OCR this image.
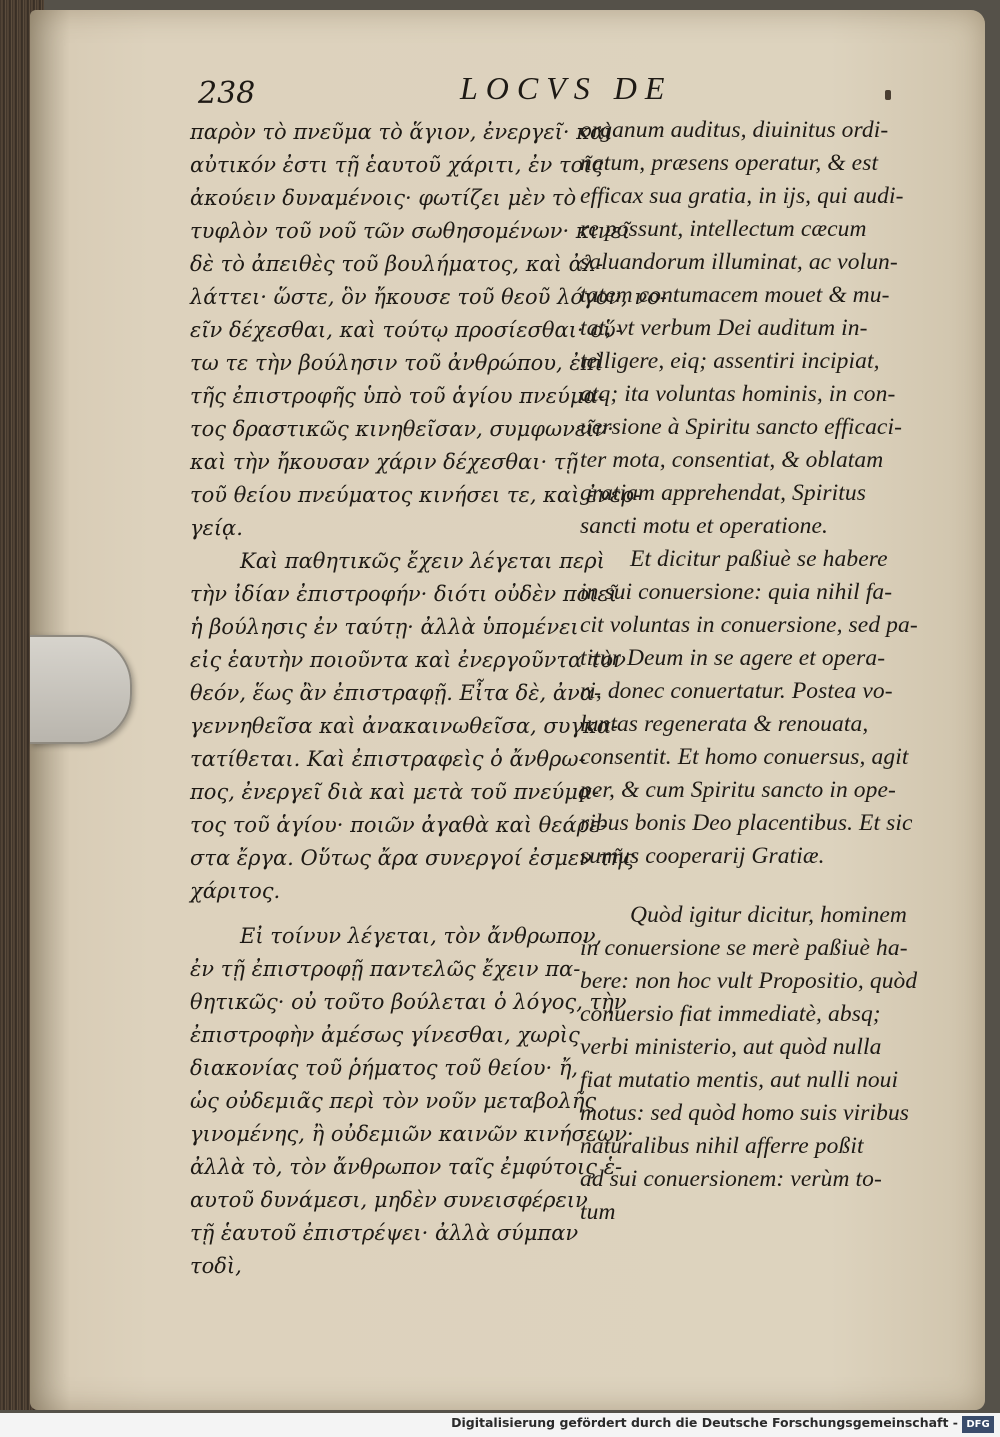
238	LOCVS DE
παρὸν τὸ πνεῦμα τὸ ἅγιον, ἐνεργεῖ· καὶ
αὐτικόν ἐστι τῇ ἑαυτοῦ χάριτι, ἐν τοῖς
ἀκούειν δυναμένοις· φωτίζει μὲν τὸ
τυφλὸν τοῦ νοῦ τῶν σωθησομένων· κινεῖ
δὲ τὸ ἀπειθὲς τοῦ βουλήματος, καὶ ἀλ-
λάττει· ὥστε, ὃν ἤκουσε τοῦ θεοῦ λόγον, νο-
εῖν δέχεσθαι, καὶ τούτῳ προσίεσθαι· οὕ-
τω τε τὴν βούλησιν τοῦ ἀνθρώπου, ἐπὶ
τῆς ἐπιστροφῆς ὑπὸ τοῦ ἁγίου πνεύμα-
τος δραστικῶς κινηθεῖσαν, συμφωνεῖν·
καὶ τὴν ἤκουσαν χάριν δέχεσθαι· τῇ
τοῦ θείου πνεύματος κινήσει τε, καὶ ἐνερ-
γείᾳ.
Καὶ παθητικῶς ἔχειν λέγεται περὶ
τὴν ἰδίαν ἐπιστροφήν· διότι οὐδὲν ποιεῖ
ἡ βούλησις ἐν ταύτῃ· ἀλλὰ ὑπομένει
εἰς ἑαυτὴν ποιοῦντα καὶ ἐνεργοῦντα τὸν
θεόν, ἕως ἂν ἐπιστραφῇ. Εἶτα δὲ, ἀνα-
γεννηθεῖσα καὶ ἀνακαινωθεῖσα, συγκα-
τατίθεται. Καὶ ἐπιστραφεὶς ὁ ἄνθρω-
πος, ἐνεργεῖ διὰ καὶ μετὰ τοῦ πνεύμα-
τος τοῦ ἁγίου· ποιῶν ἀγαθὰ καὶ θεάρε-
στα ἔργα. Οὕτως ἄρα συνεργοί ἐσμεν τῆς
χάριτος.
Εἰ τοίνυν λέγεται, τὸν ἄνθρωπον,
ἐν τῇ ἐπιστροφῇ παντελῶς ἔχειν πα-
θητικῶς· οὐ τοῦτο βούλεται ὁ λόγος, τὴν
ἐπιστροφὴν ἀμέσως γίνεσθαι, χωρὶς
διακονίας τοῦ ῥήματος τοῦ θείου· ἤ,
ὡς οὐδεμιᾶς περὶ τὸν νοῦν μεταβολῆς
γινομένης, ἢ οὐδεμιῶν καινῶν κινήσεων·
ἀλλὰ τὸ, τὸν ἄνθρωπον ταῖς ἐμφύτοις ἑ-
αυτοῦ δυνάμεσι, μηδὲν συνεισφέρειν
τῇ ἑαυτοῦ ἐπιστρέψει· ἀλλὰ σύμπαν
τοδὶ,
organum auditus, diuinitus ordi-
natum, præsens operatur, & est
efficax sua gratia, in ijs, qui audi-
re possunt, intellectum cæcum
saluandorum illuminat, ac volun-
tatem contumacem mouet & mu-
tat, vt verbum Dei auditum in-
telligere, eiq; assentiri incipiat,
atq; ita voluntas hominis, in con-
uersione à Spiritu sancto efficaci-
ter mota, consentiat, & oblatam
gratiam apprehendat, Spiritus
sancti motu et operatione.
Et dicitur paßiuè se habere
in sui conuersione: quia nihil fa-
cit voluntas in conuersione, sed pa-
titur Deum in se agere et opera-
ri, donec conuertatur. Postea vo-
luntas regenerata & renouata,
consentit. Et homo conuersus, agit
per, & cum Spiritu sancto in ope-
ribus bonis Deo placentibus. Et sic
sumus cooperarij Gratiæ.
Quòd igitur dicitur, hominem
in conuersione se merè paßiuè ha-
bere: non hoc vult Propositio, quòd
conuersio fiat immediatè, absq;
verbi ministerio, aut quòd nulla
fiat mutatio mentis, aut nulli noui
motus: sed quòd homo suis viribus
naturalibus nihil afferre poßit
ad sui conuersionem: verùm to-
tum
Digitalisierung gefördert durch die Deutsche Forschungsgemeinschaft - DFG
